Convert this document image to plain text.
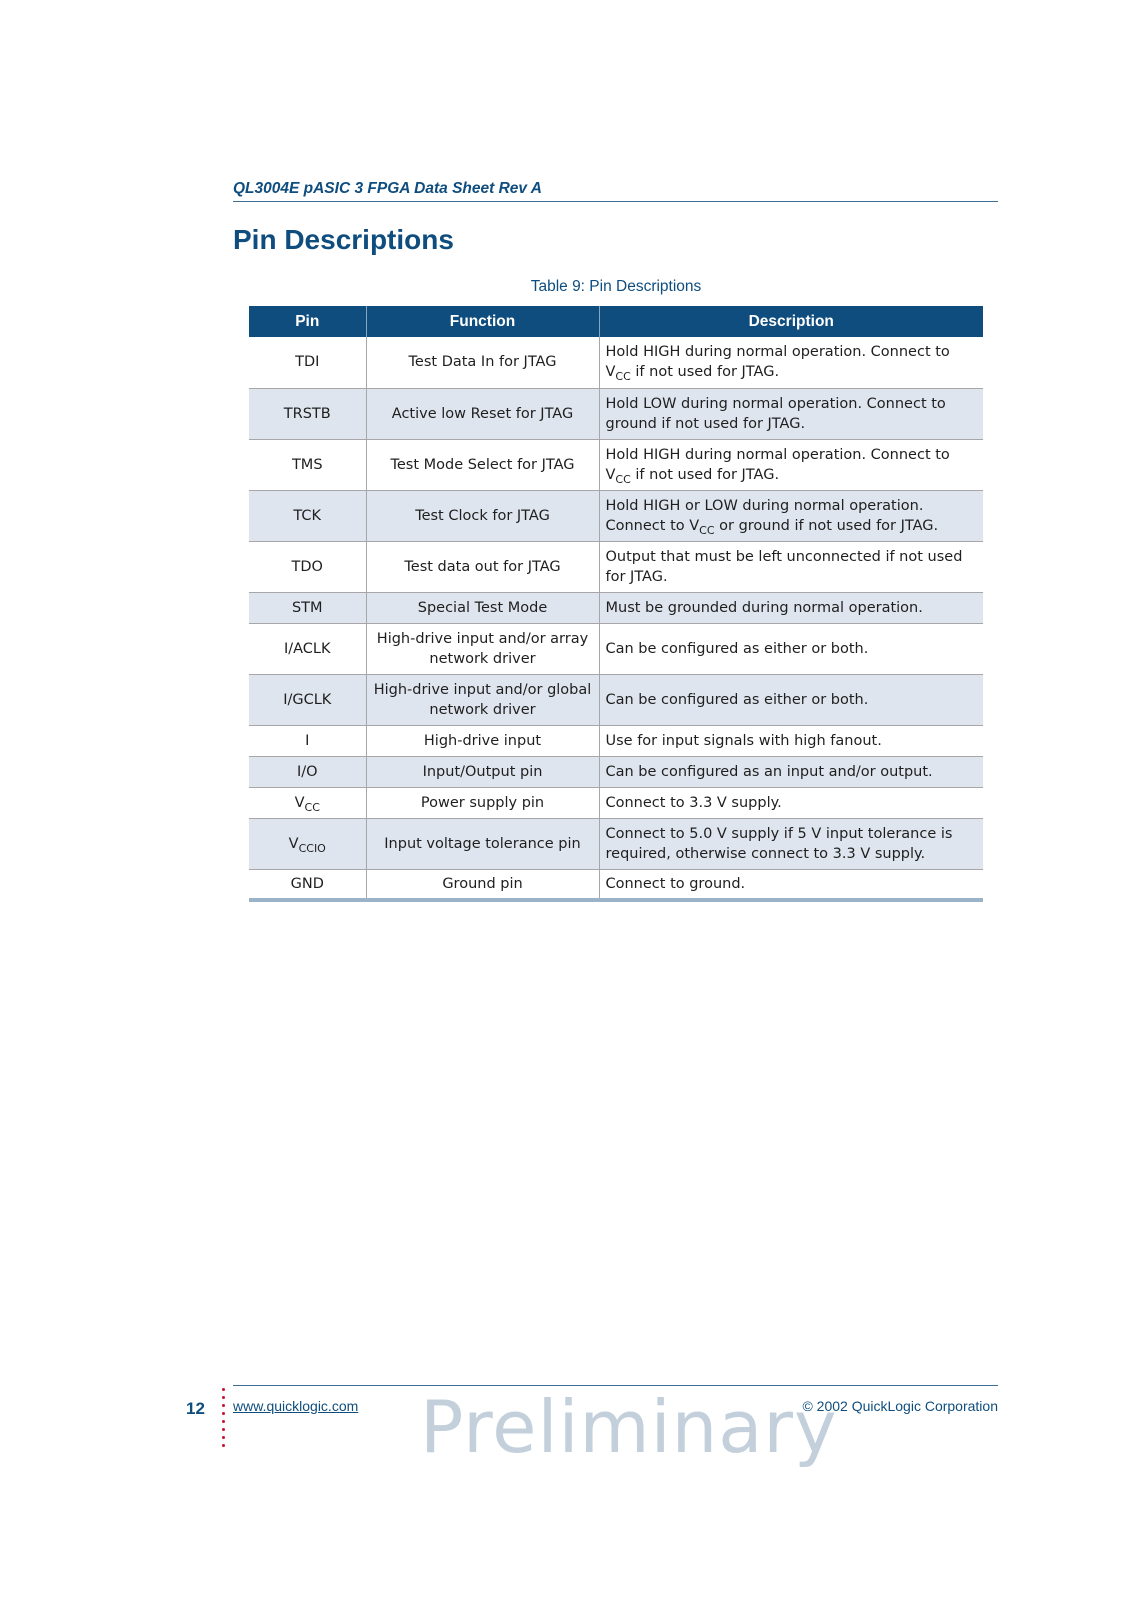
QL3004E pASIC 3 FPGA Data Sheet Rev A
Pin Descriptions
Table 9: Pin Descriptions
Pin	Function	Description
TDI	Test Data In for JTAG	Hold HIGH during normal operation. Connect to $V_{CC}$ if not used for JTAG.
TRSTB	Active low Reset for JTAG	Hold LOW during normal operation. Connect to ground if not used for JTAG.
TMS	Test Mode Select for JTAG	Hold HIGH during normal operation. Connect to $V_{CC}$ if not used for JTAG.
TCK	Test Clock for JTAG	Hold HIGH or LOW during normal operation. Connect to $V_{CC}$ or ground if not used for JTAG.
TDO	Test data out for JTAG	Output that must be left unconnected if not used for JTAG.
STM	Special Test Mode	Must be grounded during normal operation.
I/ACLK	High-drive input and/or array network driver	Can be configured as either or both.
I/GCLK	High-drive input and/or global network driver	Can be configured as either or both.
I	High-drive input	Use for input signals with high fanout.
I/O	Input/Output pin	Can be configured as an input and/or output.
$V_{CC}$	Power supply pin	Connect to 3.3 V supply.
$V_{CCIO}$	Input voltage tolerance pin	Connect to 5.0 V supply if 5 V input tolerance is required, otherwise connect to 3.3 V supply.
GND	Ground pin	Connect to ground.
12 www.quicklogic.com Preliminary
© 2002 QuickLogic Corporation
